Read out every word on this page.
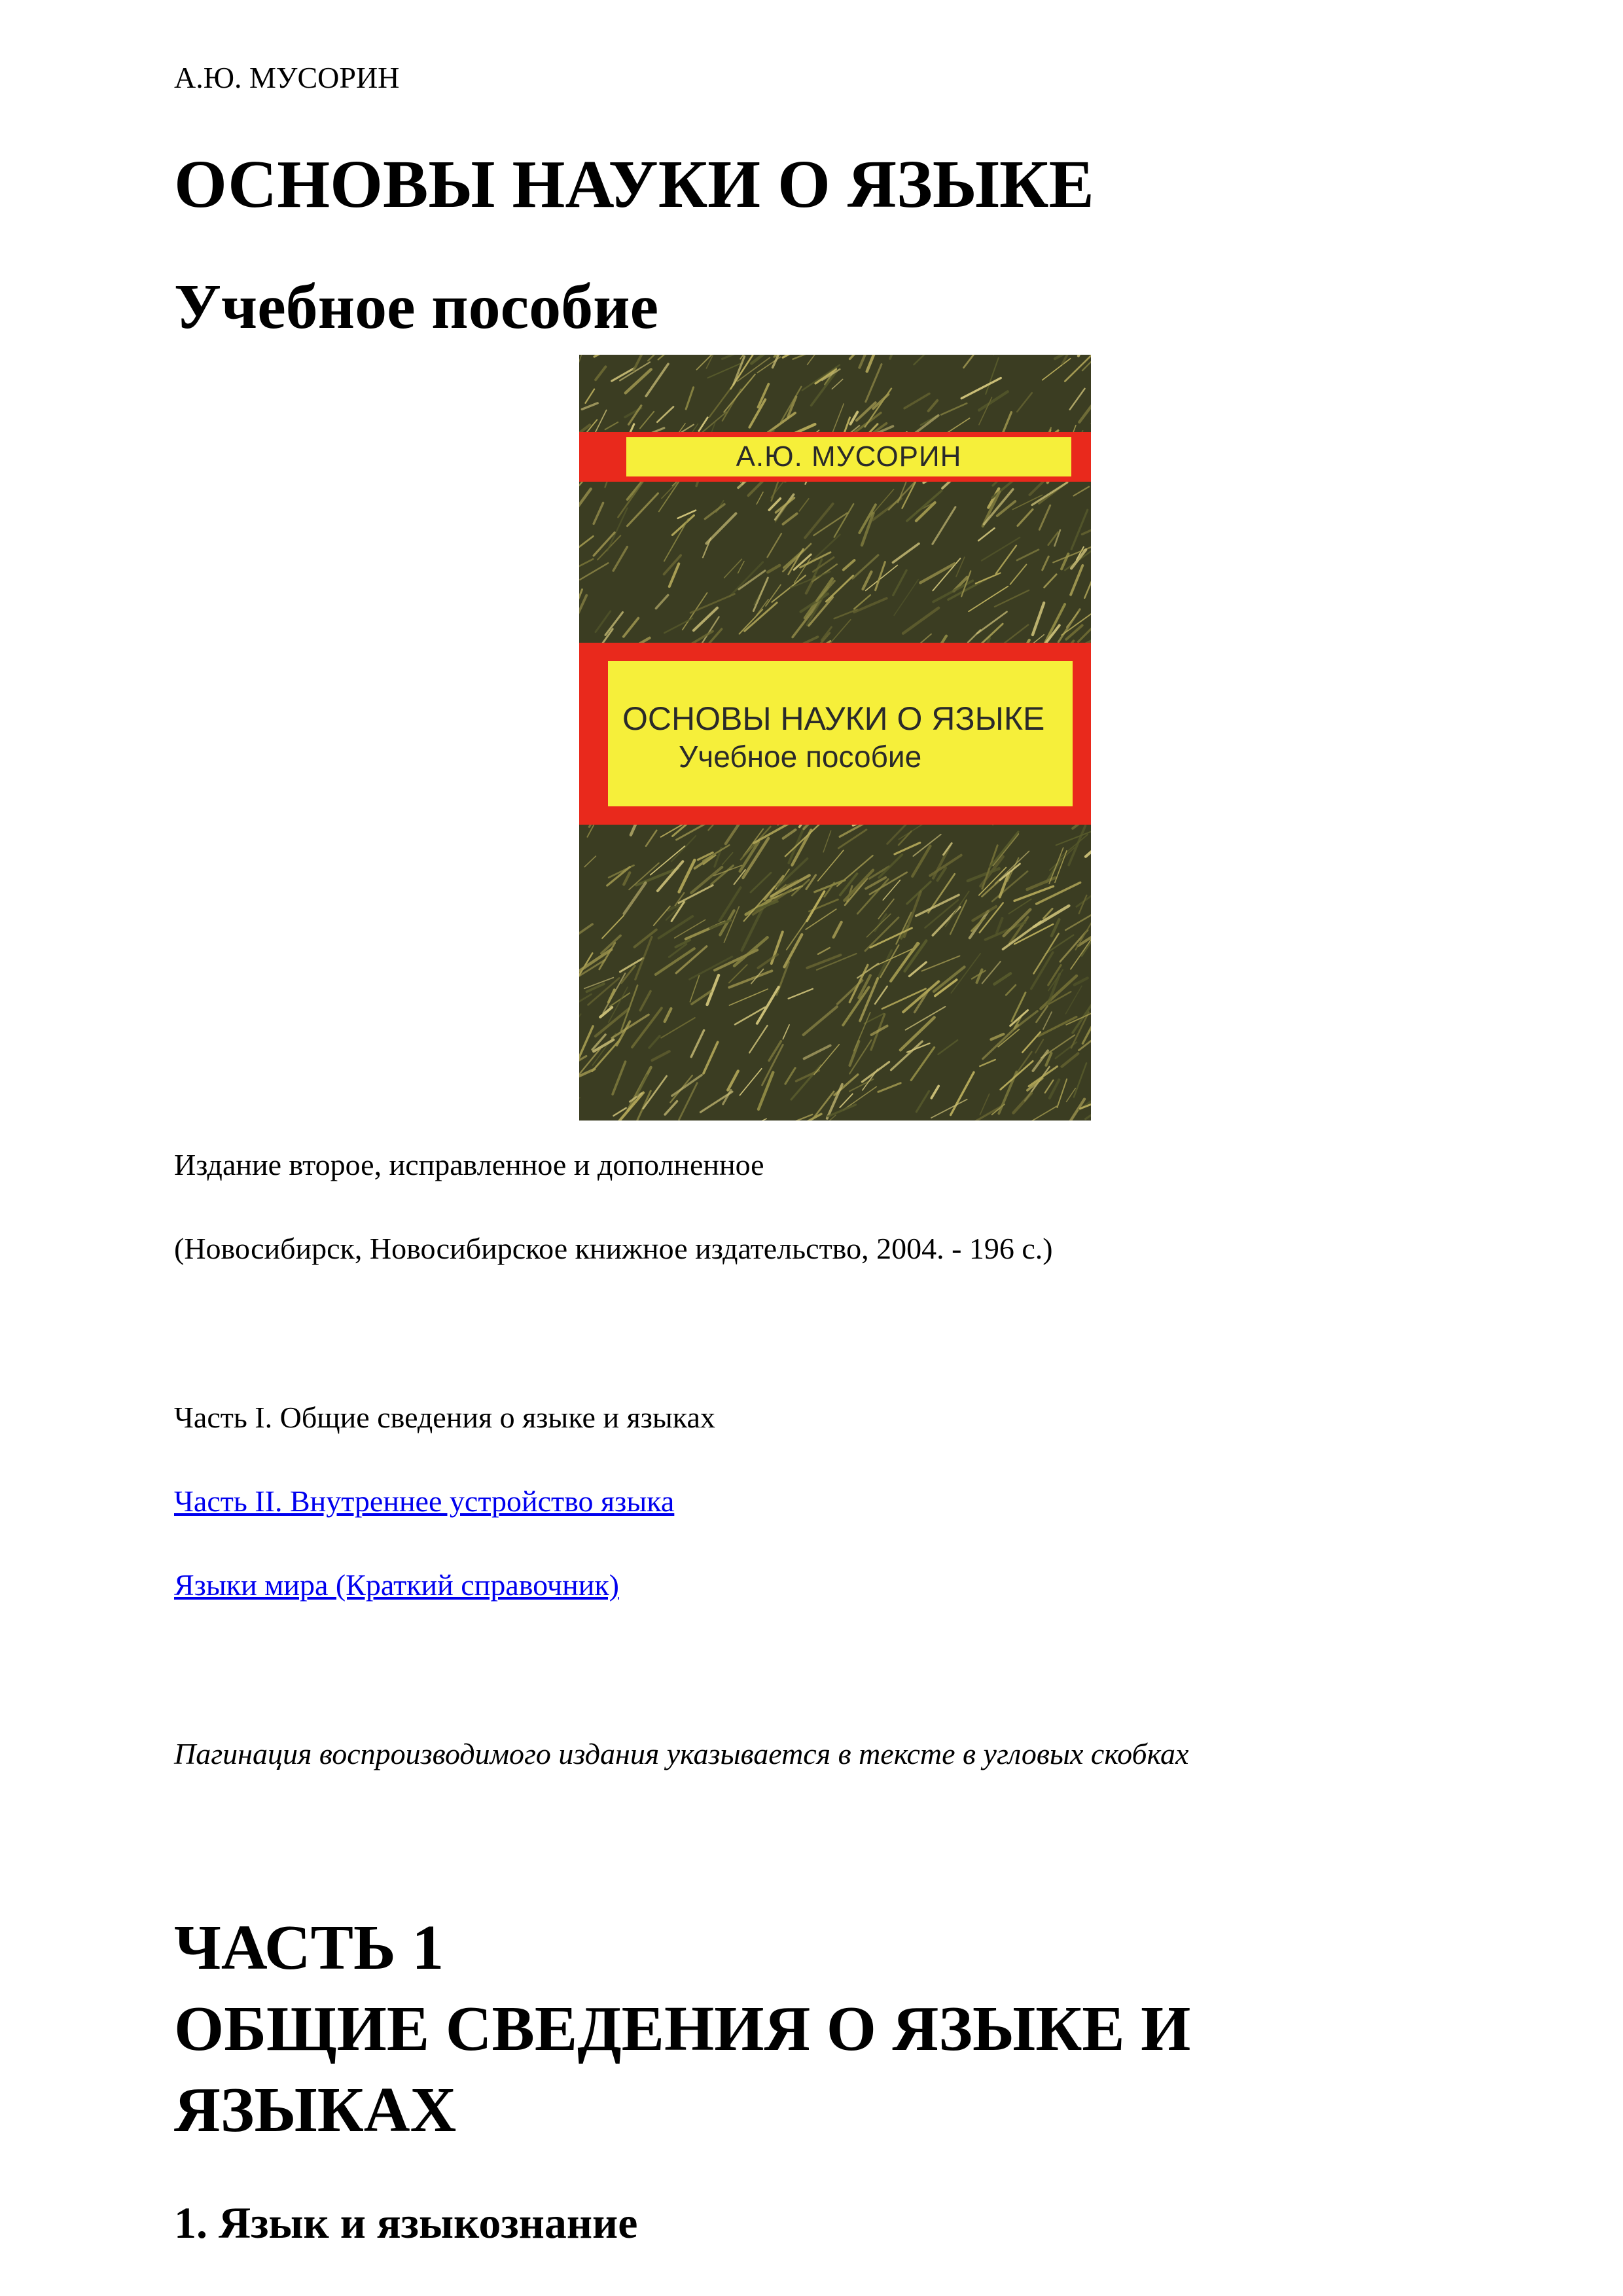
А.Ю. МУСОРИН

ОСНОВЫ НАУКИ О ЯЗЫКЕ
Учебное пособие
А.Ю. МУСОРИН
ОСНОВЫ НАУКИ О ЯЗЫКЕ
Учебное пособие

Издание второе, исправленное и дополненное

(Новосибирск, Новосибирское книжное издательство, 2004. - 196 с.)

Часть I. Общие сведения о языке и языках

Часть II. Внутреннее устройство языка
Языки мира (Краткий справочник)

Пагинация воспроизводимого издания указывается в тексте в угловых скобках

ЧАСТЬ 1
ОБЩИЕ СВЕДЕНИЯ О ЯЗЫКЕ И
ЯЗЫКАХ
1. Язык и языкознание
